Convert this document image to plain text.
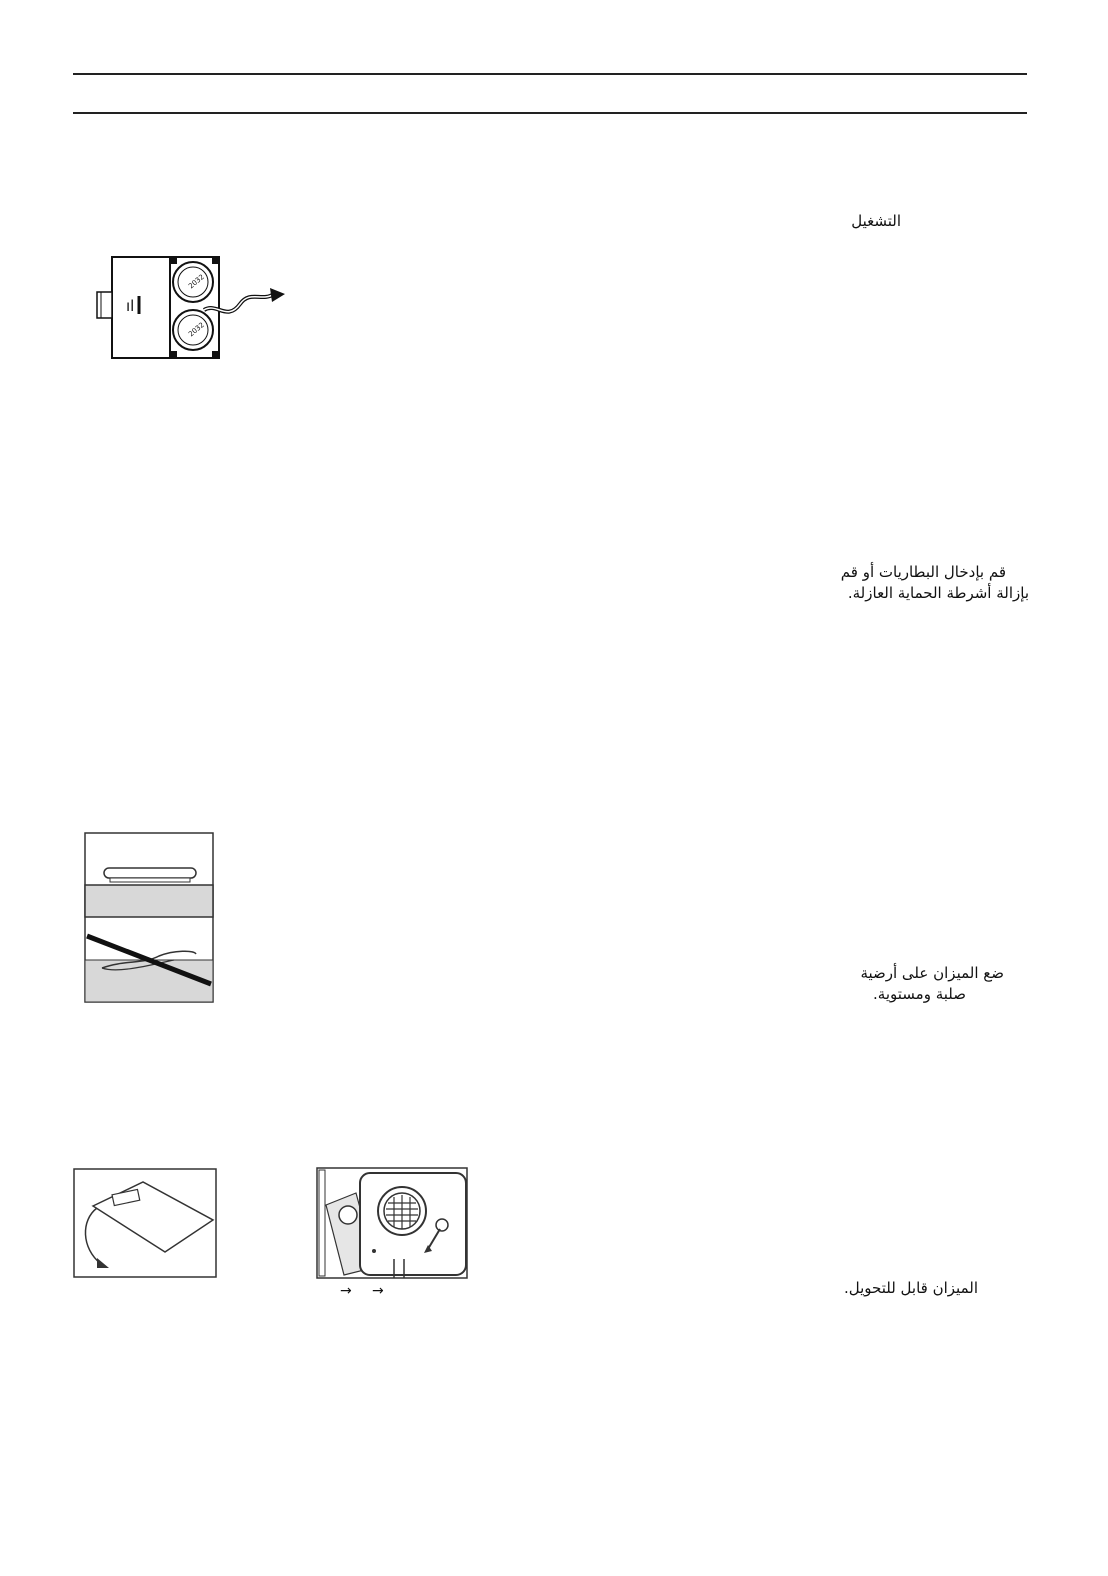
التشغيل
ıl
2032
2032
قم بإدخال البطاريات أو قم
بإزالة أشرطة الحماية العازلة.
ضع الميزان على أرضية
صلبة ومستوية.
→ →	الميزان قابل للتحويل.
